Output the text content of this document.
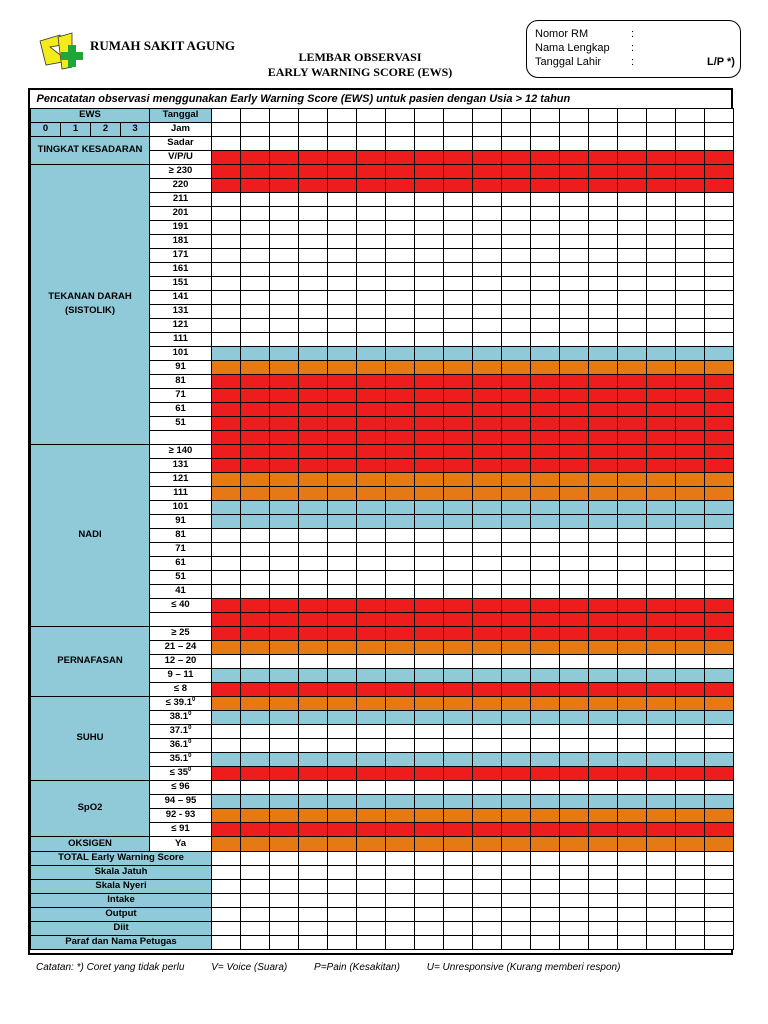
RUMAH SAKIT AGUNG
LEMBAR OBSERVASI
EARLY WARNING SCORE (EWS)
Nomor RM	:
Nama Lengkap :
Tanggal Lahir	:	L/P *)
Pencatatan observasi menggunakan Early Warning Score (EWS) untuk pasien dengan Usia > 12 tahun																						
EWS				Tanggal																		
0	1	2	3	Jam																		
TINGKAT KESADARAN				Sadar																		
				V/P/U																		
TEKANAN DARAH (SISTOLIK)				≥ 230																		
				220																		
				211																		
				201																		
				191																		
				181																		
				171																		
				161																		
				151																		
				141																		
				131																		
				121																		
				111																		
				101																		
				91																		
				81																		
				71																		
				61																		
				51																		

NADI				≥ 140																		
				131																		
				121																		
				111																		
				101																		
				91																		
				81																		
				71																		
				61																		
				51																		
				41																		
				≤ 40																		

PERNAFASAN				≥ 25																		
				21 – 24																		
				12 – 20																		
				9 – 11																		
				≤ 8																		
SUHU				≤ $39.1^0$																		
				38.1$^0$																		
				37.1$^0$																		
				36.1$^0$																		
				35.1$^0$																		
				≤ $35^0$																		
SpO2				≤ 96																		
				94 – 95																		
				92 - 93																		
				≤ 91																		
OKSIGEN				Ya																		
TOTAL Early Warning Score																						
Skala Jatuh																						
Skala Nyeri																						
Intake																						
Output																						
Diit																						
Paraf dan Nama Petugas																						
Catatan: *) Coret yang tidak perlu	V= Voice (Suara)	P=Pain (Kesakitan)	U= Unresponsive (Kurang memberi respon)
